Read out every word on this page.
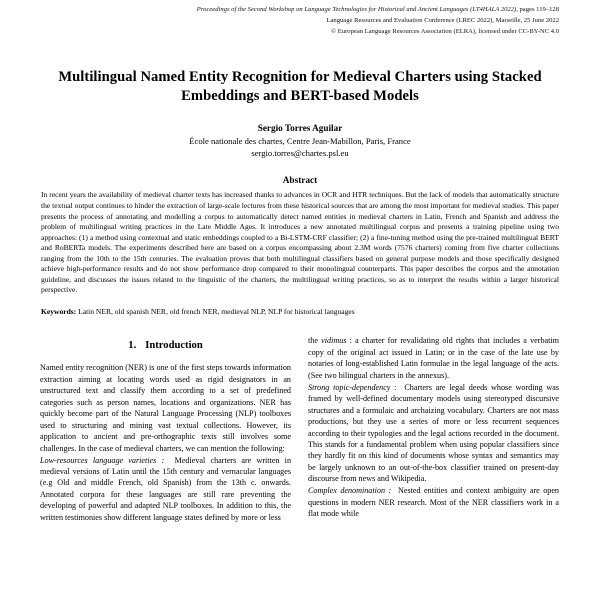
Proceedings of the Second Workshop on Language Technologies for Historical and Ancient Languages (LT4HALA 2022), pages 119–128
Language Resources and Evaluation Conference (LREC 2022), Marseille, 25 June 2022
© European Language Resources Association (ELRA), licensed under CC-BY-NC 4.0
Multilingual Named Entity Recognition for Medieval Charters using Stacked Embeddings and BERT-based Models
Sergio Torres Aguilar
École nationale des chartes, Centre Jean-Mabillon, Paris, France
sergio.torres@chartes.psl.eu
Abstract
In recent years the availability of medieval charter texts has increased thanks to advances in OCR and HTR techniques. But the lack of models that automatically structure the textual output continues to hinder the extraction of large-scale lectures from these historical sources that are among the most important for medieval studies. This paper presents the process of annotating and modelling a corpus to automatically detect named entities in medieval charters in Latin, French and Spanish and address the problem of multilingual writing practices in the Late Middle Ages. It introduces a new annotated multilingual corpus and presents a training pipeline using two approaches: (1) a method using contextual and static embeddings coupled to a Bi-LSTM-CRF classifier; (2) a fine-tuning method using the pre-trained multilingual BERT and RoBERTa models. The experiments described here are based on a corpus encompassing about 2.3M words (7576 charters) coming from five charter collections ranging from the 10th to the 15th centuries. The evaluation proves that both multilingual classifiers based on general purpose models and those specifically designed achieve high-performance results and do not show performance drop compared to their monolingual counterparts. This paper describes the corpus and the annotation guideline, and discusses the issues related to the linguistic of the charters, the multilingual writing practices, so as to interpret the results within a larger historical perspective.
Keywords: Latin NER, old spanish NER, old french NER, medieval NLP, NLP for historical languages
1. Introduction

Named entity recognition (NER) is one of the first steps towards information extraction aiming at locating words used as rigid designators in an unstructured text and classify them according to a set of predefined categories such as person names, locations and organizations. NER has quickly become part of the Natural Language Processing (NLP) toolboxes used to structuring and mining vast textual collections. However, its application to ancient and pre-orthographic texts still involves some challenges. In the case of medieval charters, we can mention the following:

Low-resources language varieties : Medieval charters are written in medieval versions of Latin until the 15th century and vernacular languages (e.g Old and middle French, old Spanish) from the 13th c. onwards. Annotated corpora for these languages are still rare preventing the developing of powerful and adapted NLP toolboxes. In addition to this, the written testimonies show different language states defined by more or less

the vidimus : a charter for revalidating old rights that includes a verbatim copy of the original act issued in Latin; or in the case of the late use by notaries of long-established Latin formulae in the legal language of the acts. (See two bilingual charters in the annexus).

Strong topic-dependency : Charters are legal deeds whose wording was framed by well-defined documentary models using stereotyped discursive structures and a formulaic and archaizing vocabulary. Charters are not mass productions, but they use a series of more or less recurrent sequences according to their typologies and the legal actions recorded in the document. This stands for a fundamental problem when using popular classifiers since they hardly fit on this kind of documents whose syntax and semantics may be largely unknown to an out-of-the-box classifier trained on present-day discourse from news and Wikipedia.

Complex denomination : Nested entities and context ambiguity are open questions in modern NER research. Most of the NER classifiers work in a flat mode while
